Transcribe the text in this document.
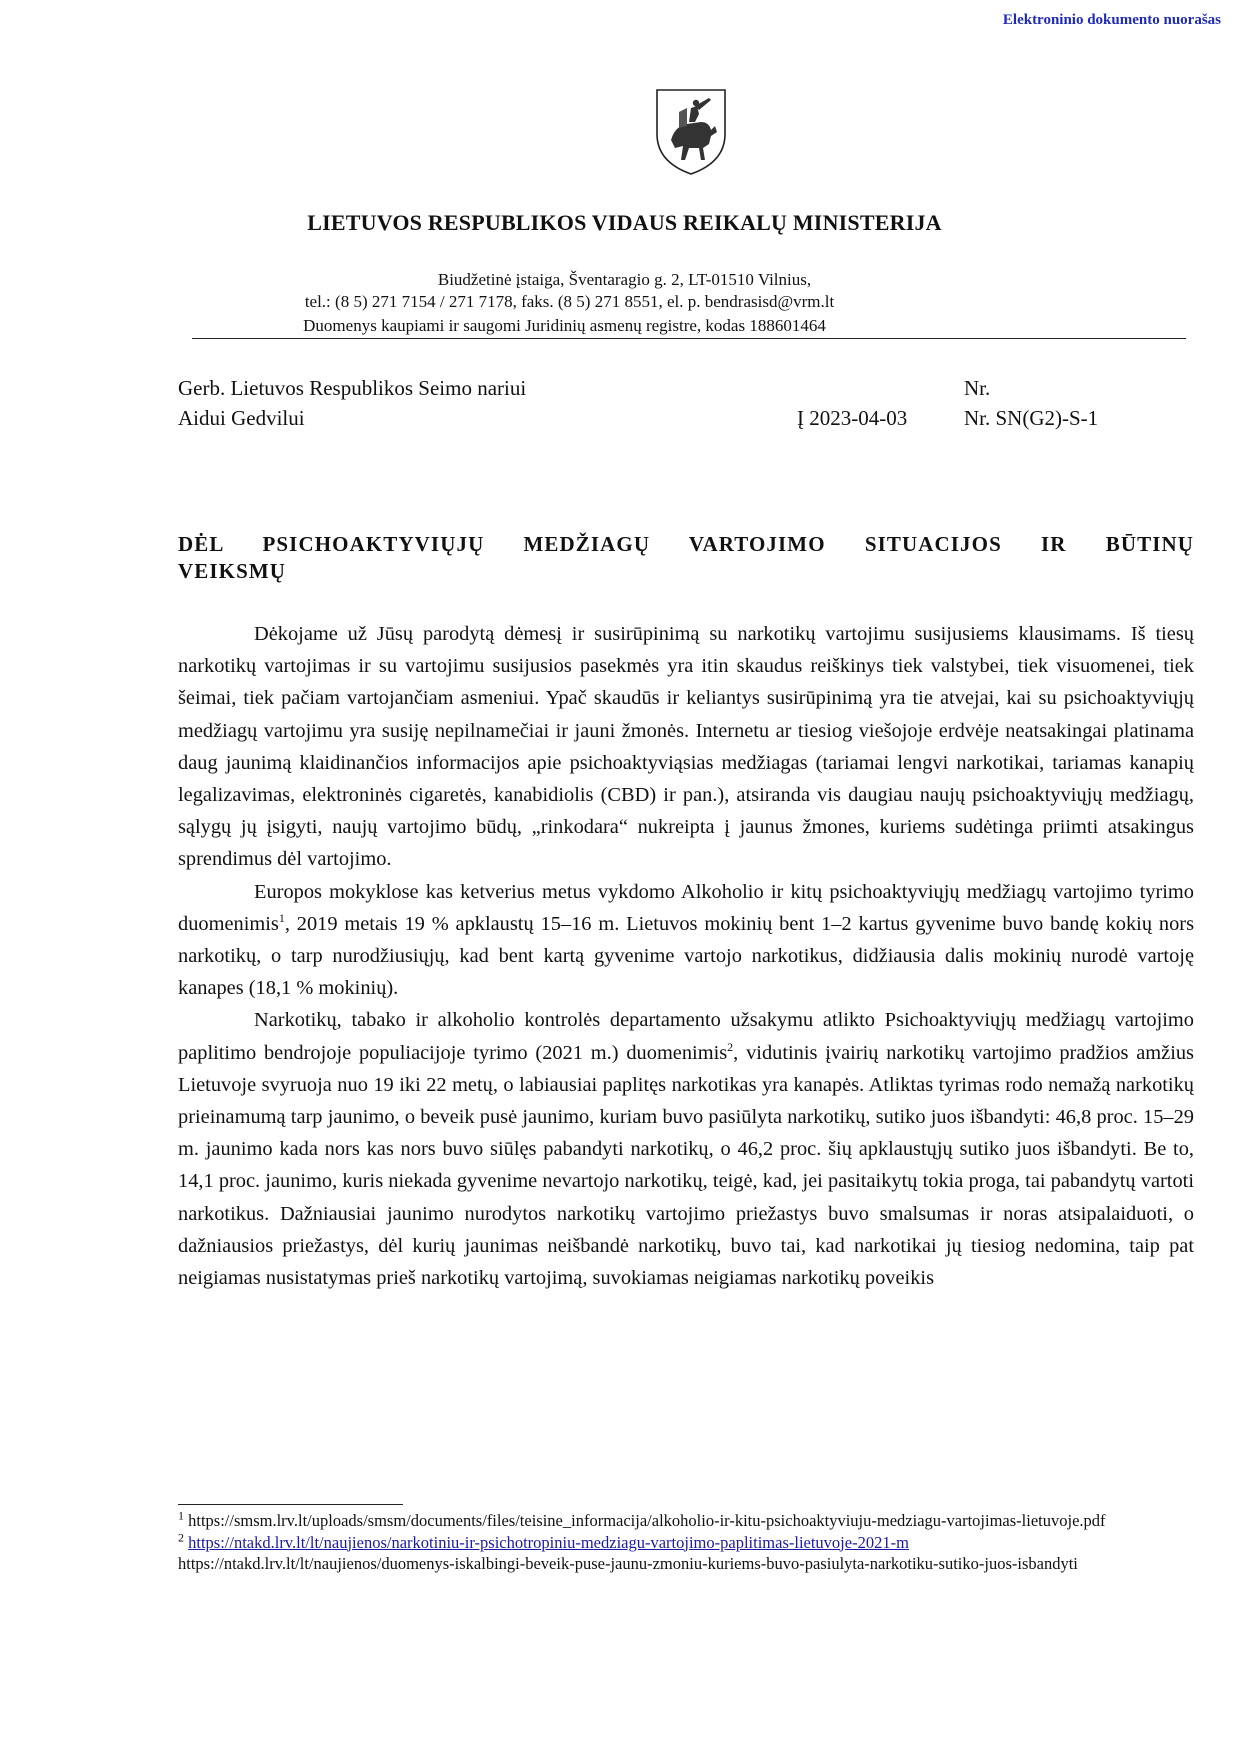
Elektroninio dokumento nuorašas
LIETUVOS RESPUBLIKOS VIDAUS REIKALŲ MINISTERIJA
Biudžetinė įstaiga, Šventaragio g. 2, LT-01510 Vilnius,
tel.: (8 5) 271 7154 / 271 7178, faks. (8 5) 271 8551, el. p. bendrasisd@vrm.lt
Duomenys kaupiami ir saugomi Juridinių asmenų registre, kodas 188601464
Gerb. Lietuvos Respublikos Seimo nariui
Aidui Gedvilui	Į 2023-04-03
Nr.
Nr. SN(G2)-S-1
DĖL PSICHOAKTYVIŲJŲ MEDŽIAGŲ VARTOJIMO SITUACIJOS IR BŪTINŲ VEIKSMŲ

Dėkojame už Jūsų parodytą dėmesį ir susirūpinimą su narkotikų vartojimu susijusiems klausimams. Iš tiesų narkotikų vartojimas ir su vartojimu susijusios pasekmės yra itin skaudus reiškinys tiek valstybei, tiek visuomenei, tiek šeimai, tiek pačiam vartojančiam asmeniui. Ypač skaudūs ir keliantys susirūpinimą yra tie atvejai, kai su psichoaktyviųjų medžiagų vartojimu yra susiję nepilnamečiai ir jauni žmonės. Internetu ar tiesiog viešojoje erdvėje neatsakingai platinama daug jaunimą klaidinančios informacijos apie psichoaktyviąsias medžiagas (tariamai lengvi narkotikai, tariamas kanapių legalizavimas, elektroninės cigaretės, kanabidiolis (CBD) ir pan.), atsiranda vis daugiau naujų psichoaktyviųjų medžiagų, sąlygų jų įsigyti, naujų vartojimo būdų, „rinkodara“ nukreipta į jaunus žmones, kuriems sudėtinga priimti atsakingus sprendimus dėl vartojimo.

Europos mokyklose kas ketverius metus vykdomo Alkoholio ir kitų psichoaktyviųjų medžiagų vartojimo tyrimo duomenimis$^1$, 2019 metais 19 % apklaustų 15–16 m. Lietuvos mokinių bent 1–2 kartus gyvenime buvo bandę kokių nors narkotikų, o tarp nurodžiusiųjų, kad bent kartą gyvenime vartojo narkotikus, didžiausia dalis mokinių nurodė vartoję kanapes (18,1 % mokinių).

Narkotikų, tabako ir alkoholio kontrolės departamento užsakymu atlikto Psichoaktyviųjų medžiagų vartojimo paplitimo bendrojoje populiacijoje tyrimo (2021 m.) duomenimis$^2$, vidutinis įvairių narkotikų vartojimo pradžios amžius Lietuvoje svyruoja nuo 19 iki 22 metų, o labiausiai paplitęs narkotikas yra kanapės. Atliktas tyrimas rodo nemažą narkotikų prieinamumą tarp jaunimo, o beveik pusė jaunimo, kuriam buvo pasiūlyta narkotikų, sutiko juos išbandyti: 46,8 proc. 15–29 m. jaunimo kada nors kas nors buvo siūlęs pabandyti narkotikų, o 46,2 proc. šių apklaustųjų sutiko juos išbandyti. Be to, 14,1 proc. jaunimo, kuris niekada gyvenime nevartojo narkotikų, teigė, kad, jei pasitaikytų tokia proga, tai pabandytų vartoti narkotikus. Dažniausiai jaunimo nurodytos narkotikų vartojimo priežastys buvo smalsumas ir noras atsipalaiduoti, o dažniausios priežastys, dėl kurių jaunimas neišbandė narkotikų, buvo tai, kad narkotikai jų tiesiog nedomina, taip pat neigiamas nusistatymas prieš narkotikų vartojimą, suvokiamas neigiamas narkotikų poveikis

$^1$ https://smsm.lrv.lt/uploads/smsm/documents/files/teisine_informacija/alkoholio-ir-kitu-psichoaktyviuju-medziagu-vartojimas-lietuvoje.pdf

$^2$ https://ntakd.lrv.lt/lt/naujienos/narkotiniu-ir-psichotropiniu-medziagu-vartojimo-paplitimas-lietuvoje-2021-m

https://ntakd.lrv.lt/lt/naujienos/duomenys-iskalbingi-beveik-puse-jaunu-zmoniu-kuriems-buvo-pasiulyta-narkotiku-sutiko-juos-isbandyti
